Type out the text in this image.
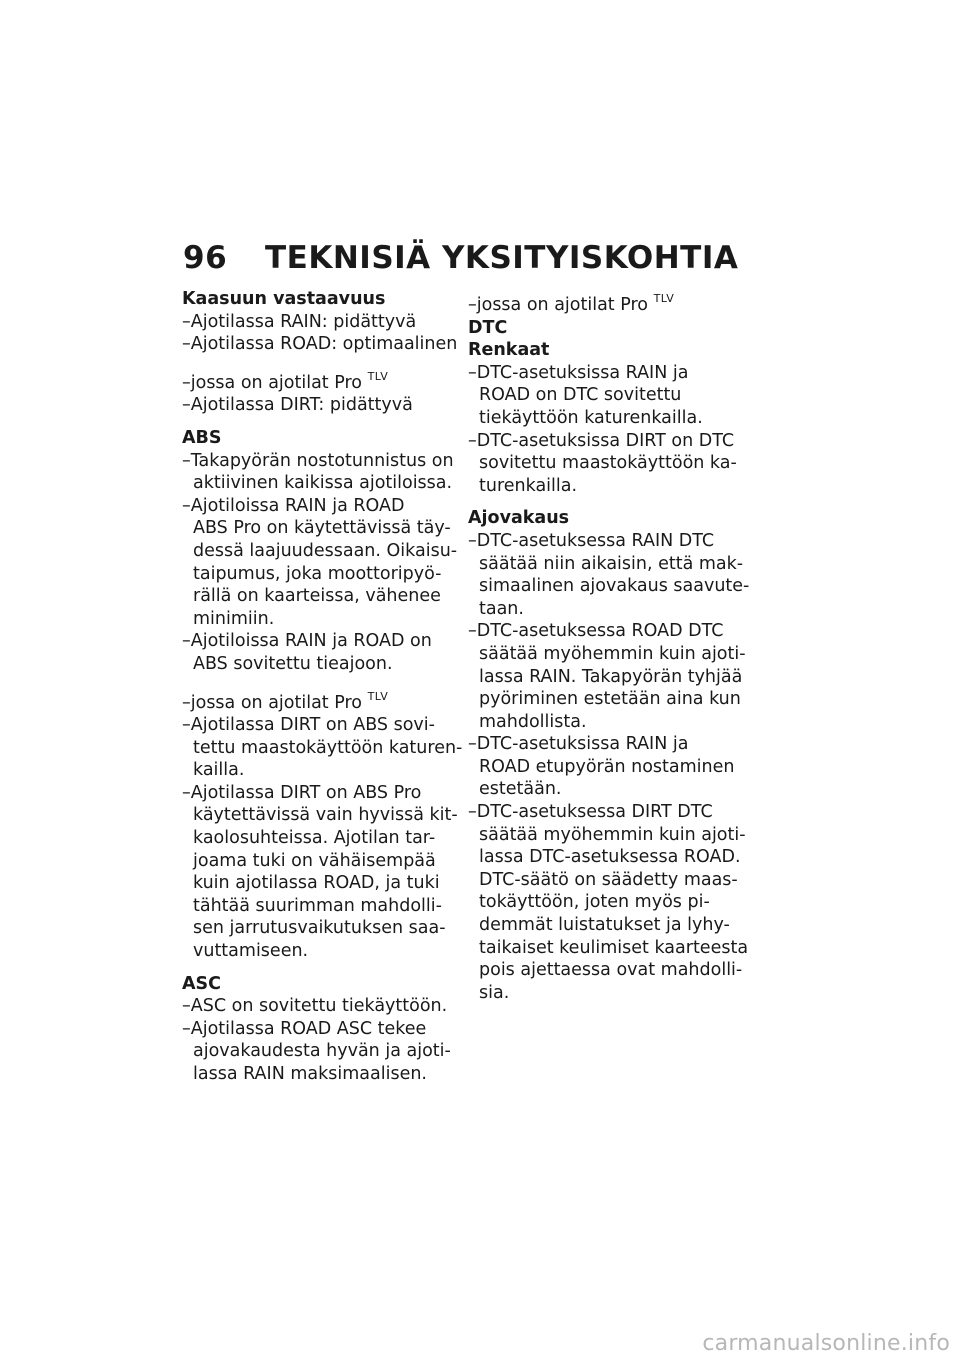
96 TEKNISIÄ YKSITYISKOHTIA

Kaasuun vastaavuus

–Ajotilassa RAIN: pidättyvä

–Ajotilassa ROAD: optimaalinen

–jossa on ajotilat Pro $^{TLV}$

–Ajotilassa DIRT: pidättyvä

ABS

–Takapyörän nostotunnistus on

aktiivinen kaikissa ajotiloissa.

–Ajotiloissa RAIN ja ROAD

ABS Pro on käytettävissä täy-

dessä laajuudessaan. Oikaisu-

taipumus, joka moottoripyö-

rällä on kaarteissa, vähenee

minimiin.

–Ajotiloissa RAIN ja ROAD on

ABS sovitettu tieajoon.

–jossa on ajotilat Pro $^{TLV}$

–Ajotilassa DIRT on ABS sovi-

tettu maastokäyttöön katuren-

kailla.

–Ajotilassa DIRT on ABS Pro

käytettävissä vain hyvissä kit-

kaolosuhteissa. Ajotilan tar-

joama tuki on vähäisempää

kuin ajotilassa ROAD, ja tuki

tähtää suurimman mahdolli-

sen jarrutusvaikutuksen saa-

vuttamiseen.

ASC

–ASC on sovitettu tiekäyttöön.

–Ajotilassa ROAD ASC tekee

ajovakaudesta hyvän ja ajoti-

lassa RAIN maksimaalisen.

–jossa on ajotilat Pro $^{TLV}$

DTC

Renkaat

–DTC-asetuksissa RAIN ja

ROAD on DTC sovitettu

tiekäyttöön katurenkailla.

–DTC-asetuksissa DIRT on DTC

sovitettu maastokäyttöön ka-

turenkailla.

Ajovakaus

–DTC-asetuksessa RAIN DTC

säätää niin aikaisin, että mak-

simaalinen ajovakaus saavute-

taan.

–DTC-asetuksessa ROAD DTC

säätää myöhemmin kuin ajoti-

lassa RAIN. Takapyörän tyhjää

pyöriminen estetään aina kun

mahdollista.

–DTC-asetuksissa RAIN ja

ROAD etupyörän nostaminen

estetään.

–DTC-asetuksessa DIRT DTC

säätää myöhemmin kuin ajoti-

lassa DTC-asetuksessa ROAD.

DTC-säätö on säädetty maas-

tokäyttöön, joten myös pi-

demmät luistatukset ja lyhy-

taikaiset keulimiset kaarteesta

pois ajettaessa ovat mahdolli-

sia.

carmanualsonline.info
